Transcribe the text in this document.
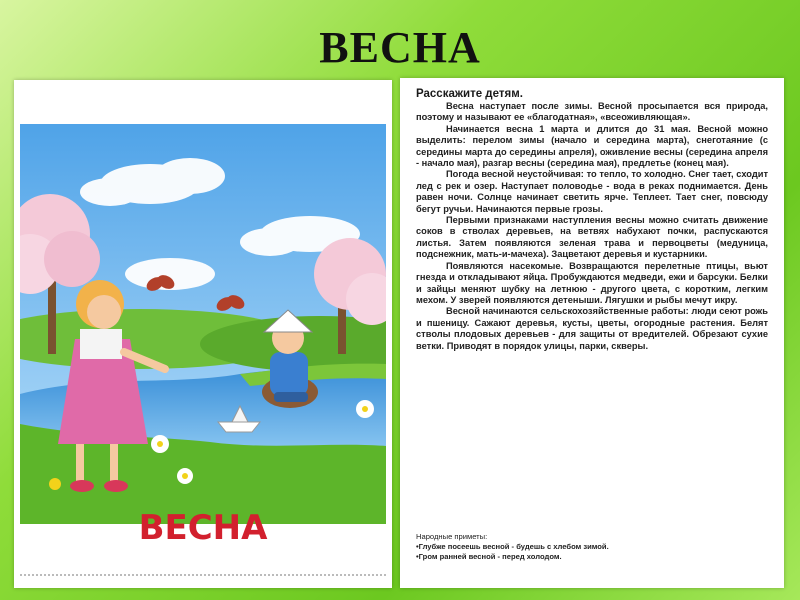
ВЕСНА
ВЕСНА
Расскажите детям.

Весна наступает после зимы. Весной просыпается вся природа, поэтому и называют ее «благодатная», «всеоживляющая».

Начинается весна 1 марта и длится до 31 мая. Весной можно выделить: перелом зимы (начало и середина марта), снеготаяние (с середины марта до середины апреля), оживление весны (середина апреля - начало мая), разгар весны (середина мая), предлетье (конец мая).

Погода весной неустойчивая: то тепло, то холодно. Снег тает, сходит лед с рек и озер. Наступает половодье - вода в реках поднимается. День равен ночи. Солнце начинает светить ярче. Теплеет. Тает снег, повсюду бегут ручьи. Начинаются первые грозы.

Первыми признаками наступления весны можно считать движение соков в стволах деревьев, на ветвях набухают почки, распускаются листья. Затем появляются зеленая трава и первоцветы (медуница, подснежник, мать-и-мачеха). Зацветают деревья и кустарники.

Появляются насекомые. Возвращаются перелетные птицы, вьют гнезда и откладывают яйца. Пробуждаются медведи, ежи и барсуки. Белки и зайцы меняют шубку на летнюю - другого цвета, с коротким, легким мехом. У зверей появляются детеныши. Лягушки и рыбы мечут икру.

Весной начинаются сельскохозяйственные работы: люди сеют рожь и пшеницу. Сажают деревья, кусты, цветы, огородные растения. Белят стволы плодовых деревьев - для защиты от вредителей. Обрезают сухие ветки. Приводят в порядок улицы, парки, скверы.

Народные приметы:
•Глубже посеешь весной - будешь с хлебом зимой.
•Гром ранней весной - перед холодом.
